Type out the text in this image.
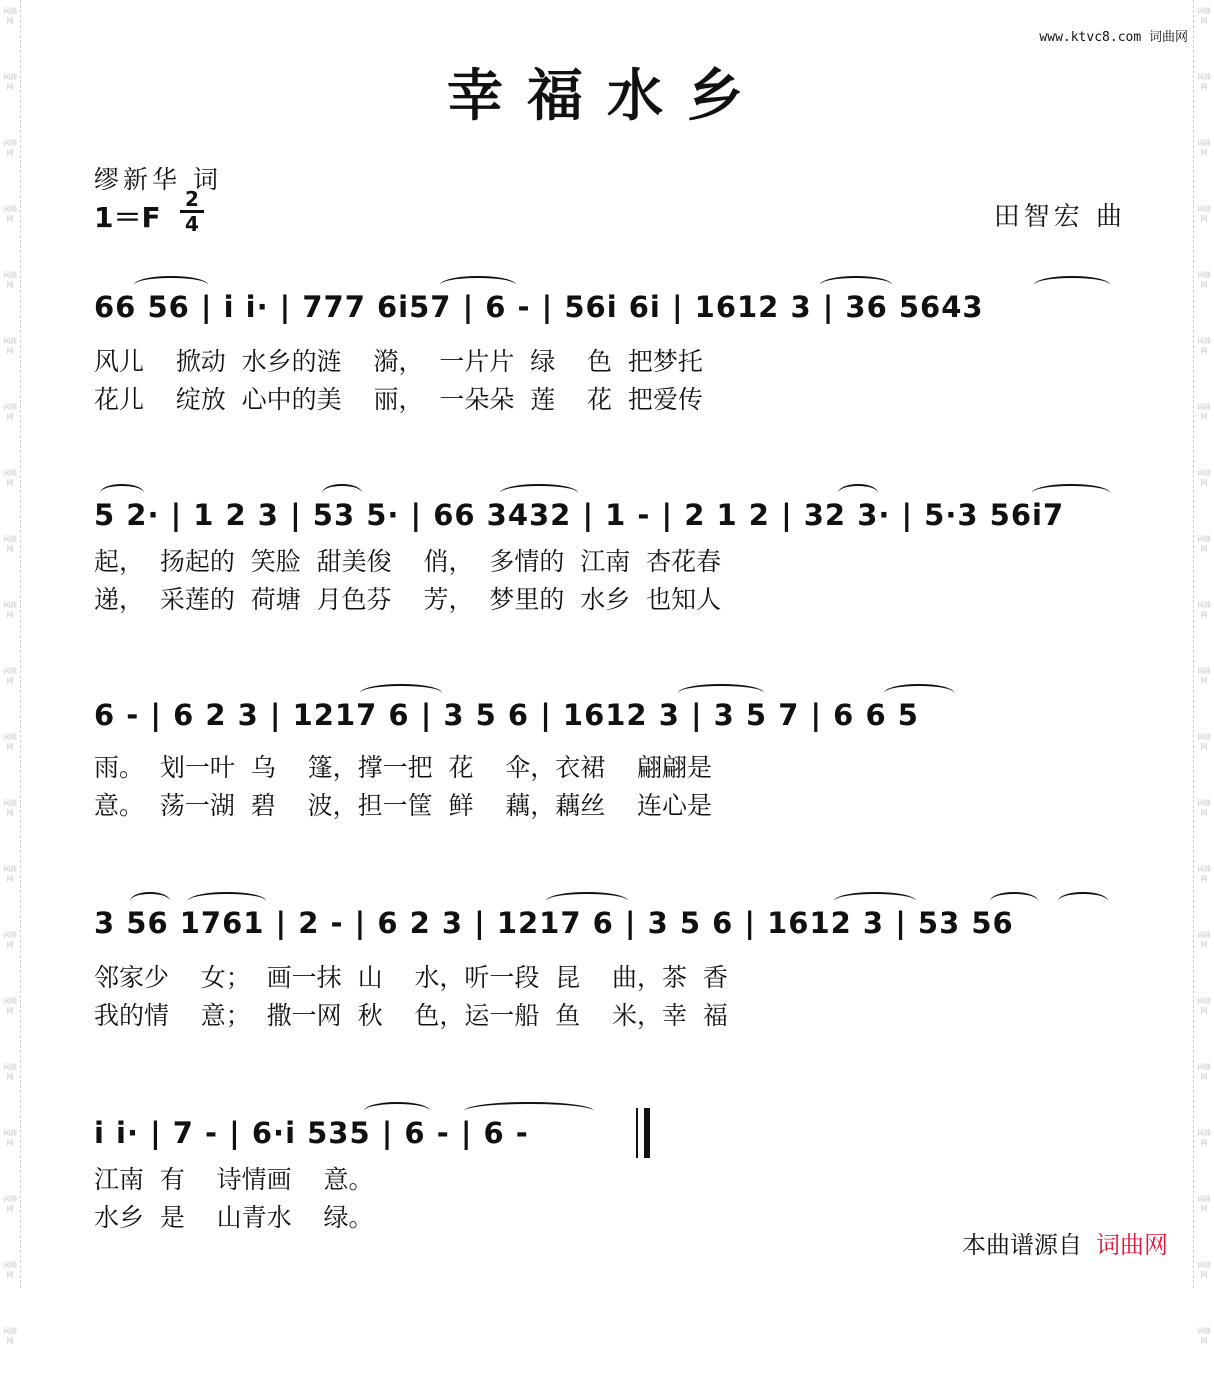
词曲网
词曲网
词曲网
词曲网
词曲网
词曲网
词曲网
词曲网
词曲网
词曲网
词曲网
词曲网
词曲网
词曲网
词曲网
词曲网
词曲网
词曲网
词曲网
词曲网
词曲网
词曲网
词曲网
词曲网
词曲网
词曲网
词曲网
词曲网
词曲网
词曲网
词曲网
词曲网
词曲网
词曲网
词曲网
词曲网
词曲网
词曲网
词曲网
词曲网
词曲网
词曲网
www.ktvc8.com 词曲网
幸福水乡
缪新华 词
田智宏 曲
1＝F
2
4
66 56 | i i· | 777 6i57 | 6 - | 56i 6i | 1612 3 | 36 5643
风儿    掀动  水乡的涟    漪，  一片片  绿    色  把梦托
花儿    绽放  心中的美    丽，  一朵朵  莲    花  把爱传
5 2· | 1 2 3 | 53 5· | 66 3432 | 1 - | 2 1 2 | 32 3· | 5·3 56i7
起，  扬起的  笑脸  甜美俊    俏，  多情的  江南  杏花春
递，  采莲的  荷塘  月色芬    芳，  梦里的  水乡  也知人
6 - | 6 2 3 | 1217 6 | 3 5 6 | 1612 3 | 3 5 7 | 6 6 5
雨。  划一叶  乌    篷，撑一把  花    伞，衣裙    翩翩是
意。  荡一湖  碧    波，担一筐  鲜    藕，藕丝    连心是
3 56 1761 | 2 - | 6 2 3 | 1217 6 | 3 5 6 | 1612 3 | 53 56
邻家少    女；  画一抹  山    水，听一段  昆    曲，茶  香
我的情    意；  撒一网  秋    色，运一船  鱼    米，幸  福
i i· | 7 - | 6·i 535 | 6 - | 6 -
江南  有    诗情画    意。
水乡  是    山青水    绿。
本曲谱源自 词曲网
